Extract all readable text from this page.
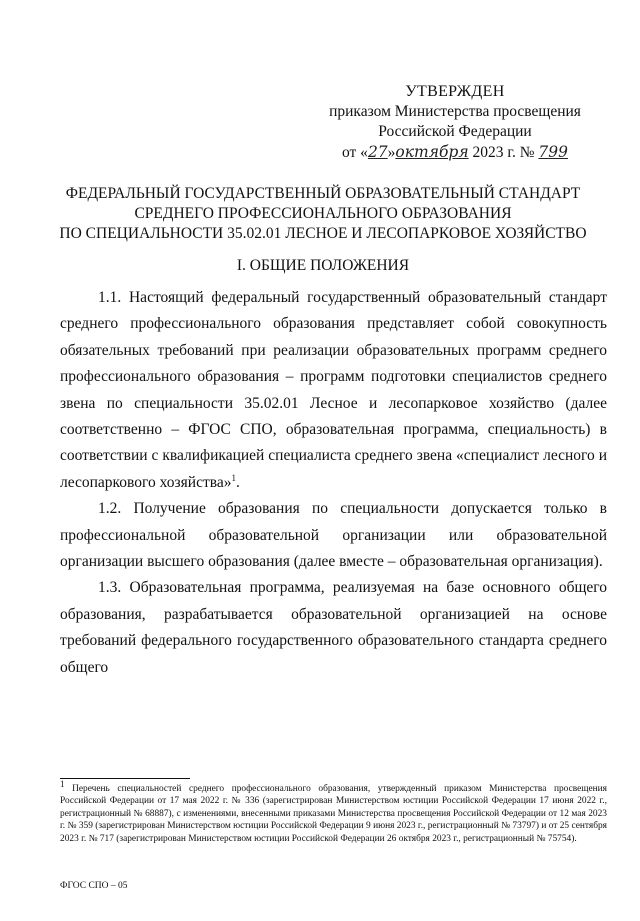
УТВЕРЖДЕН
приказом Министерства просвещения
Российской Федерации
от «27»октября 2023 г. № 799
ФЕДЕРАЛЬНЫЙ ГОСУДАРСТВЕННЫЙ ОБРАЗОВАТЕЛЬНЫЙ СТАНДАРТ
СРЕДНЕГО ПРОФЕССИОНАЛЬНОГО ОБРАЗОВАНИЯ
ПО СПЕЦИАЛЬНОСТИ 35.02.01 ЛЕСНОЕ И ЛЕСОПАРКОВОЕ ХОЗЯЙСТВО
I. ОБЩИЕ ПОЛОЖЕНИЯ

1.1. Настоящий федеральный государственный образовательный стандарт среднего профессионального образования представляет собой совокупность обязательных требований при реализации образовательных программ среднего профессионального образования – программ подготовки специалистов среднего звена по специальности 35.02.01 Лесное и лесопарковое хозяйство (далее соответственно – ФГОС СПО, образовательная программа, специальность) в соответствии с квалификацией специалиста среднего звена «специалист лесного и лесопаркового хозяйства»$^1$.

1.2. Получение образования по специальности допускается только в профессиональной образовательной организации или образовательной организации высшего образования (далее вместе – образовательная организация).

1.3. Образовательная программа, реализуемая на базе основного общего образования, разрабатывается образовательной организацией на основе требований федерального государственного образовательного стандарта среднего общего

$^1$ Перечень специальностей среднего профессионального образования, утвержденный приказом Министерства просвещения Российской Федерации от 17 мая 2022 г. № 336 (зарегистрирован Министерством юстиции Российской Федерации 17 июня 2022 г., регистрационный № 68887), с изменениями, внесенными приказами Министерства просвещения Российской Федерации от 12 мая 2023 г. № 359 (зарегистрирован Министерством юстиции Российской Федерации 9 июня 2023 г., регистрационный № 73797) и от 25 сентября 2023 г. № 717 (зарегистрирован Министерством юстиции Российской Федерации 26 октября 2023 г., регистрационный № 75754).

ФГОС СПО – 05
